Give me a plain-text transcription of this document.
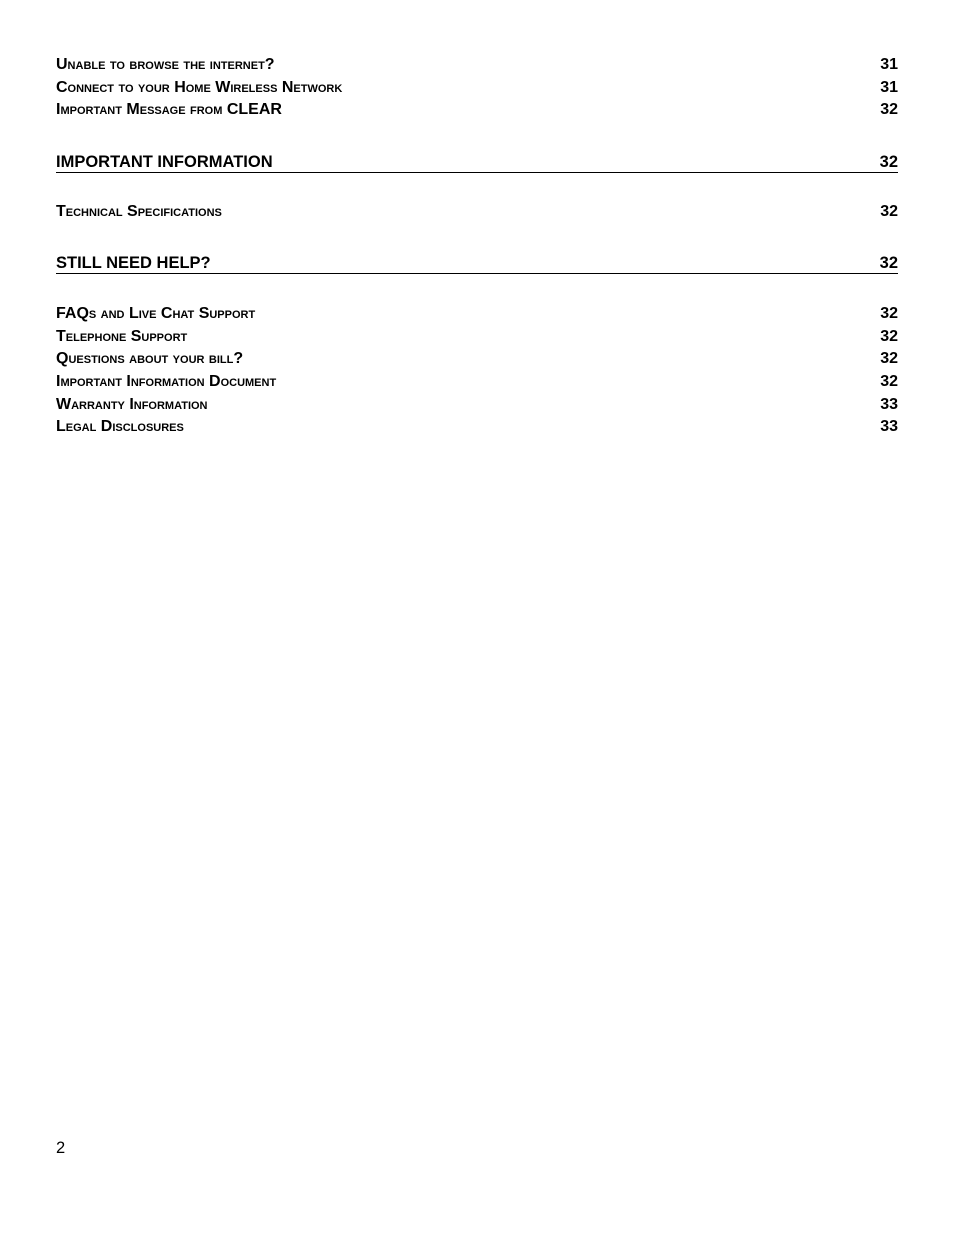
Unable to browse the internet?	31
Connect to your Home Wireless Network	31
Important Message from CLEAR	32
IMPORTANT INFORMATION	32
Technical Specifications	32
STILL NEED HELP?	32
FAQs and Live Chat Support	32
Telephone Support	32
Questions about your bill?	32
Important Information Document	32
Warranty Information	33
Legal Disclosures	33
2
